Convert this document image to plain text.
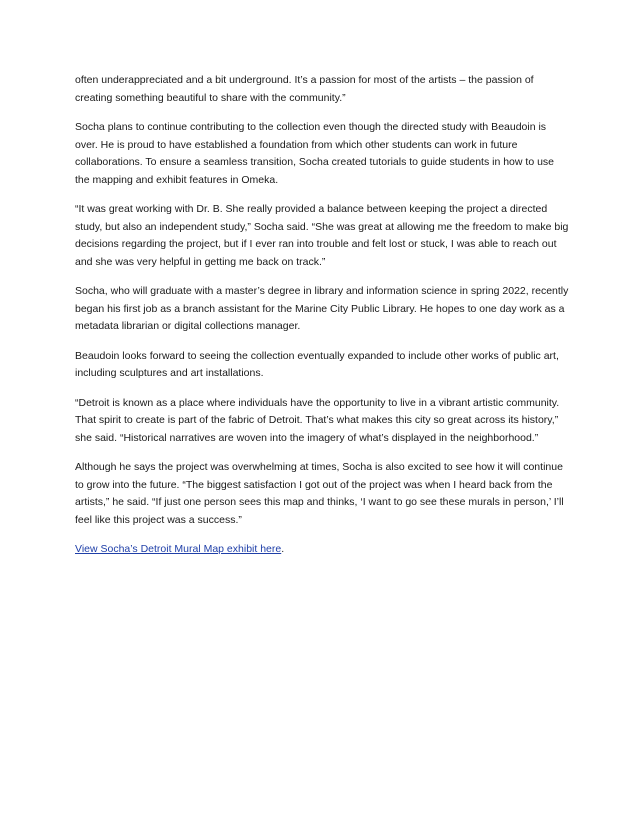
often underappreciated and a bit underground. It’s a passion for most of the artists – the passion of creating something beautiful to share with the community.”

Socha plans to continue contributing to the collection even though the directed study with Beaudoin is over. He is proud to have established a foundation from which other students can work in future collaborations. To ensure a seamless transition, Socha created tutorials to guide students in how to use the mapping and exhibit features in Omeka.

“It was great working with Dr. B. She really provided a balance between keeping the project a directed study, but also an independent study,” Socha said. “She was great at allowing me the freedom to make big decisions regarding the project, but if I ever ran into trouble and felt lost or stuck, I was able to reach out and she was very helpful in getting me back on track.”

Socha, who will graduate with a master’s degree in library and information science in spring 2022, recently began his first job as a branch assistant for the Marine City Public Library. He hopes to one day work as a metadata librarian or digital collections manager.

Beaudoin looks forward to seeing the collection eventually expanded to include other works of public art, including sculptures and art installations.

“Detroit is known as a place where individuals have the opportunity to live in a vibrant artistic community. That spirit to create is part of the fabric of Detroit. That’s what makes this city so great across its history,” she said. “Historical narratives are woven into the imagery of what’s displayed in the neighborhood.”

Although he says the project was overwhelming at times, Socha is also excited to see how it will continue to grow into the future. “The biggest satisfaction I got out of the project was when I heard back from the artists,” he said. “If just one person sees this map and thinks, ‘I want to go see these murals in person,’ I’ll feel like this project was a success.”

View Socha’s Detroit Mural Map exhibit here.
